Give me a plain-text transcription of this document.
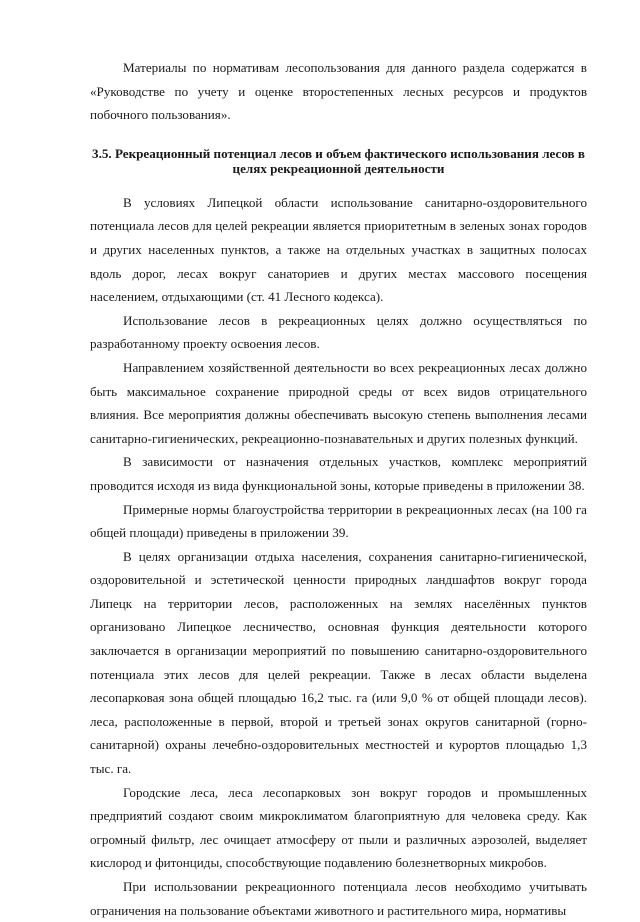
Материалы по нормативам лесопользования для данного раздела содержатся в «Руководстве по учету и оценке второстепенных лесных ресурсов и продуктов побочного пользования».

3.5. Рекреационный потенциал лесов и объем фактического использования лесов в целях рекреационной деятельности

В условиях Липецкой области использование санитарно-оздоровительного потенциала лесов для целей рекреации является приоритетным в зеленых зонах городов и других населенных пунктов, а также на отдельных участках в защитных полосах вдоль дорог, лесах вокруг санаториев и других местах массового посещения населением, отдыхающими (ст. 41 Лесного кодекса).

Использование лесов в рекреационных целях должно осуществляться по разработанному проекту освоения лесов.

Направлением хозяйственной деятельности во всех рекреационных лесах должно быть максимальное сохранение природной среды от всех видов отрицательного влияния. Все мероприятия должны обеспечивать высокую степень выполнения лесами санитарно-гигиенических, рекреационно-познавательных и других полезных функций.

В зависимости от назначения отдельных участков, комплекс мероприятий проводится исходя из вида функциональной зоны, которые приведены в приложении 38.

Примерные нормы благоустройства территории в рекреационных лесах (на 100 га общей площади) приведены в приложении 39.

В целях организации отдыха населения, сохранения санитарно-гигиенической, оздоровительной и эстетической ценности природных ландшафтов вокруг города Липецк на территории лесов, расположенных на землях населённых пунктов организовано Липецкое лесничество, основная функция деятельности которого заключается в организации мероприятий по повышению санитарно-оздоровительного потенциала этих лесов для целей рекреации. Также в лесах области выделена лесопарковая зона общей площадью 16,2 тыс. га (или 9,0 % от общей площади лесов). леса, расположенные в первой, второй и третьей зонах округов санитарной (горно-санитарной) охраны лечебно-оздоровительных местностей и курортов площадью 1,3 тыс. га.

Городские леса, леса лесопарковых зон вокруг городов и промышленных предприятий создают своим микроклиматом благоприятную для человека среду. Как огромный фильтр, лес очищает атмосферу от пыли и различных аэрозолей, выделяет кислород и фитонциды, способствующие подавлению болезнетворных микробов.

При использовании рекреационного потенциала лесов необходимо учитывать ограничения на пользование объектами животного и растительного мира, нормативы
